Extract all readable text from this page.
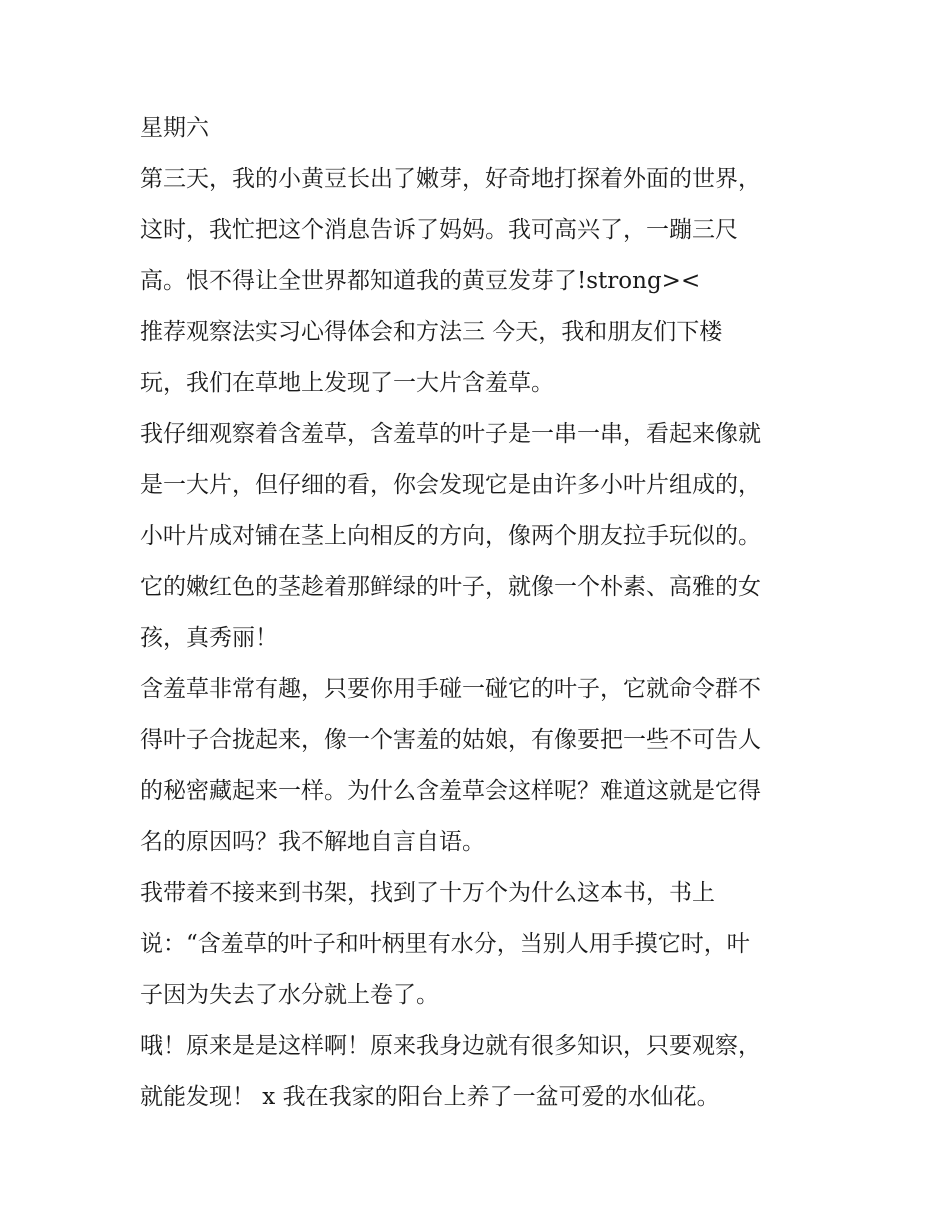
星期六
第三天，我的小黄豆长出了嫩芽，好奇地打探着外面的世界，
这时，我忙把这个消息告诉了妈妈。我可高兴了，一蹦三尺
高。恨不得让全世界都知道我的黄豆发芽了!strong><
推荐观察法实习心得体会和方法三 今天，我和朋友们下楼
玩，我们在草地上发现了一大片含羞草。
我仔细观察着含羞草，含羞草的叶子是一串一串，看起来像就
是一大片，但仔细的看，你会发现它是由许多小叶片组成的，
小叶片成对铺在茎上向相反的方向，像两个朋友拉手玩似的。
它的嫩红色的茎趁着那鲜绿的叶子，就像一个朴素、高雅的女
孩，真秀丽！
含羞草非常有趣，只要你用手碰一碰它的叶子，它就命令群不
得叶子合拢起来，像一个害羞的姑娘，有像要把一些不可告人
的秘密藏起来一样。为什么含羞草会这样呢？难道这就是它得
名的原因吗？我不解地自言自语。
我带着不接来到书架，找到了十万个为什么这本书，书上
说：“含羞草的叶子和叶柄里有水分，当别人用手摸它时，叶
子因为失去了水分就上卷了。
哦！原来是是这样啊！原来我身边就有很多知识，只要观察，
就能发现！ x 我在我家的阳台上养了一盆可爱的水仙花。
